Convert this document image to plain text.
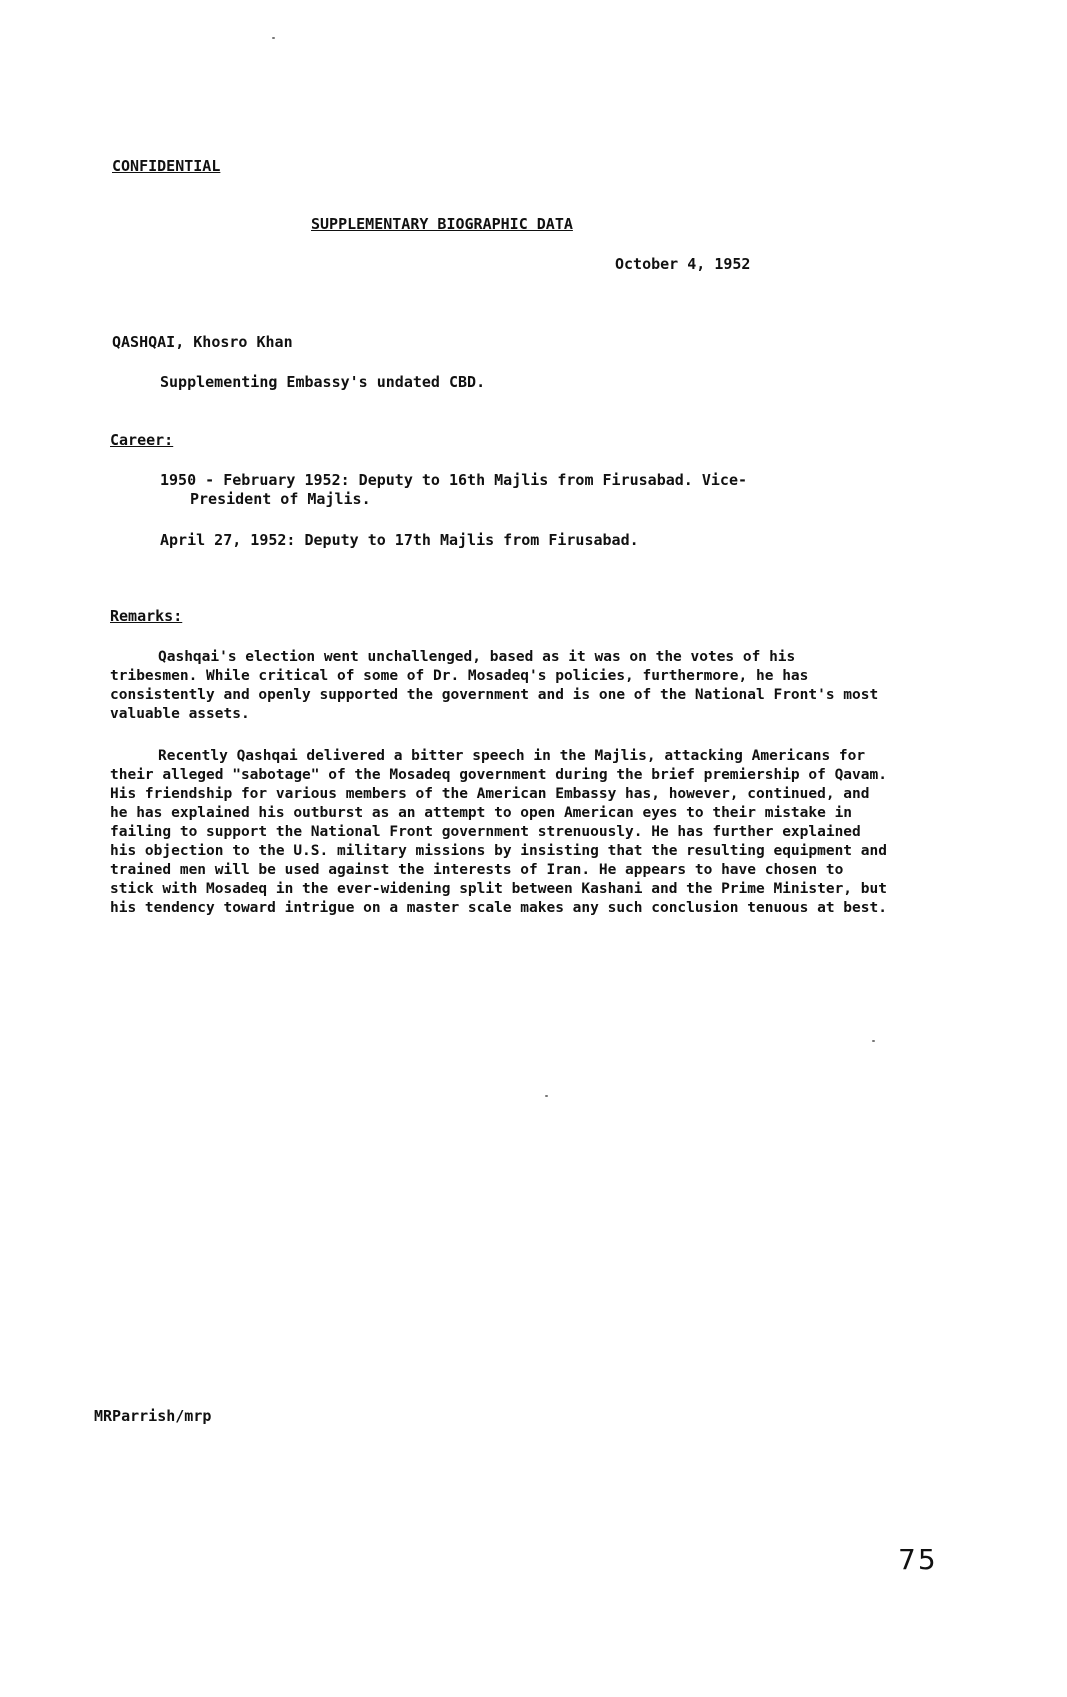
CONFIDENTIAL
SUPPLEMENTARY BIOGRAPHIC DATA
October 4, 1952
QASHQAI, Khosro Khan
Supplementing Embassy's undated CBD.
Career:
1950 - February 1952: Deputy to 16th Majlis from Firusabad. Vice-
President of Majlis.
April 27, 1952: Deputy to 17th Majlis from Firusabad.
Remarks:
Qashqai's election went unchallenged, based as it was on the votes of his tribesmen. While critical of some of Dr. Mosadeq's policies, furthermore, he has consistently and openly supported the government and is one of the National Front's most valuable assets.
Recently Qashqai delivered a bitter speech in the Majlis, attacking Americans for their alleged "sabotage" of the Mosadeq government during the brief premiership of Qavam. His friendship for various members of the American Embassy has, however, continued, and he has explained his outburst as an attempt to open American eyes to their mistake in failing to support the National Front government strenuously. He has further explained his objection to the U.S. military missions by insisting that the resulting equipment and trained men will be used against the interests of Iran. He appears to have chosen to stick with Mosadeq in the ever-widening split between Kashani and the Prime Minister, but his tendency toward intrigue on a master scale makes any such conclusion tenuous at best.
MRParrish/mrp
75
